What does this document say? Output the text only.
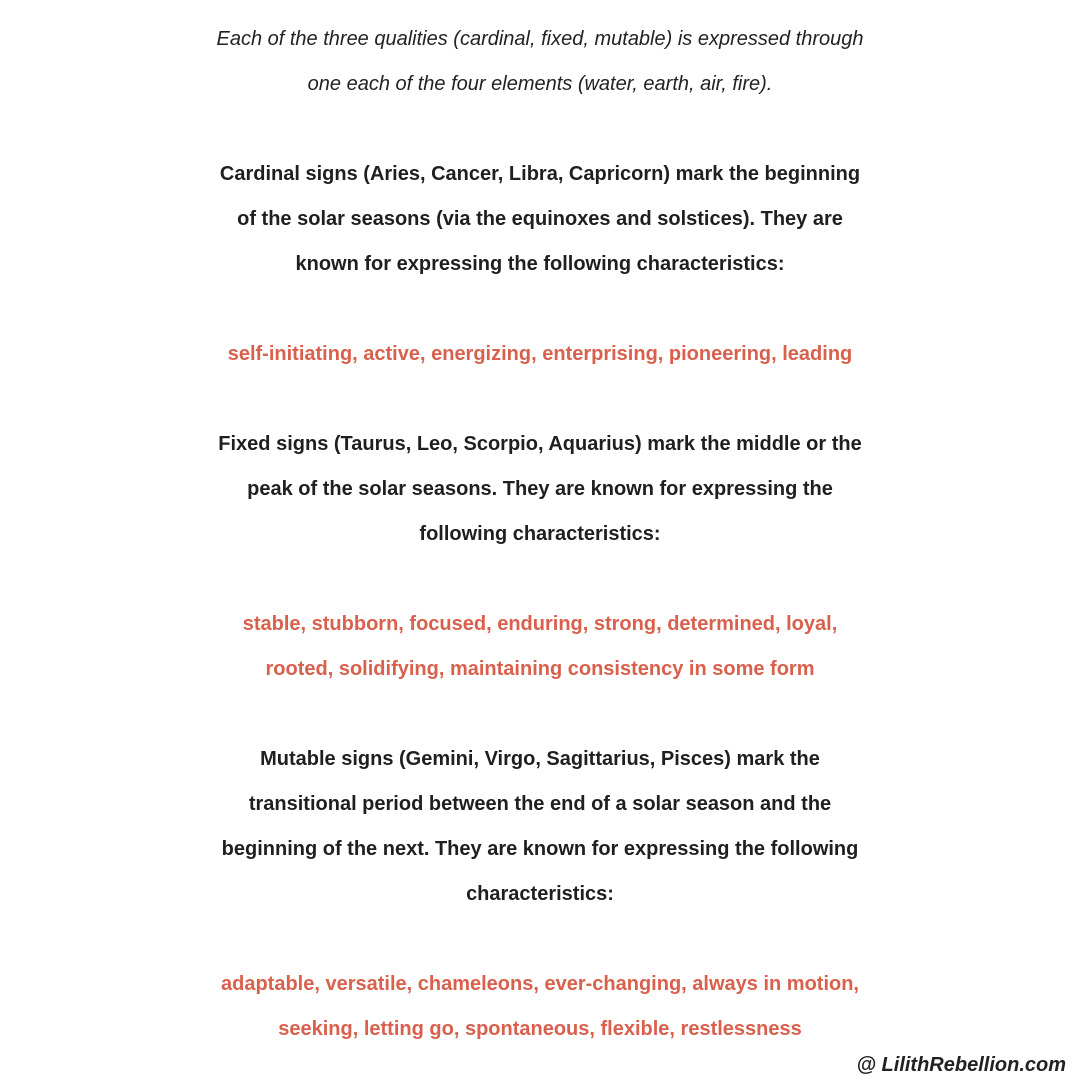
Each of the three qualities (cardinal, fixed, mutable) is expressed through
one each of the four elements (water, earth, air, fire).
Cardinal signs (Aries, Cancer, Libra, Capricorn) mark the beginning
of the solar seasons (via the equinoxes and solstices). They are
known for expressing the following characteristics:
self-initiating, active, energizing, enterprising, pioneering, leading
Fixed signs (Taurus, Leo, Scorpio, Aquarius) mark the middle or the
peak of the solar seasons. They are known for expressing the
following characteristics:
stable, stubborn, focused, enduring, strong, determined, loyal,
rooted, solidifying, maintaining consistency in some form
Mutable signs (Gemini, Virgo, Sagittarius, Pisces) mark the
transitional period between the end of a solar season and the
beginning of the next. They are known for expressing the following
characteristics:
adaptable, versatile, chameleons, ever-changing, always in motion,
seeking, letting go, spontaneous, flexible, restlessness
@ LilithRebellion.com
